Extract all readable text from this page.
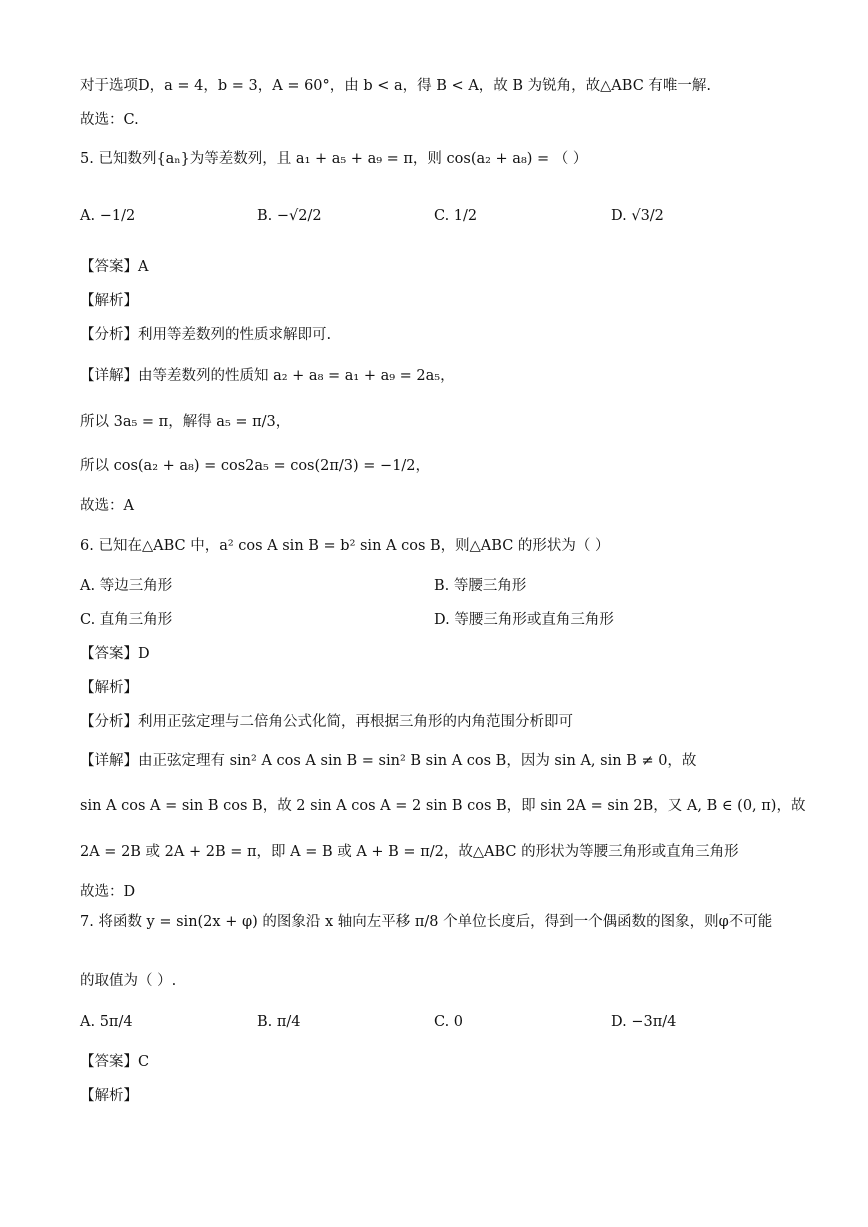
对于选项D，a = 4，b = 3，A = 60°，由 b < a，得 B < A，故 B 为锐角，故△ABC 有唯一解.
故选：C.
5. 已知数列{aₙ}为等差数列，且 a₁ + a₅ + a₉ = π，则 cos(a₂ + a₈) = （ ）
A. −1/2	B. −√2/2	C. 1/2	D. √3/2
【答案】A
【解析】
【分析】利用等差数列的性质求解即可.
【详解】由等差数列的性质知 a₂ + a₈ = a₁ + a₉ = 2a₅，
所以 3a₅ = π，解得 a₅ = π/3，
所以 cos(a₂ + a₈) = cos2a₅ = cos(2π/3) = −1/2，
故选：A
6. 已知在△ABC 中，a² cos A sin B = b² sin A cos B，则△ABC 的形状为（ ）
A. 等边三角形	B. 等腰三角形
C. 直角三角形	D. 等腰三角形或直角三角形
【答案】D
【解析】
【分析】利用正弦定理与二倍角公式化简，再根据三角形的内角范围分析即可
【详解】由正弦定理有 sin² A cos A sin B = sin² B sin A cos B，因为 sin A, sin B ≠ 0，故
sin A cos A = sin B cos B，故 2 sin A cos A = 2 sin B cos B，即 sin 2A = sin 2B，又 A, B ∈ (0, π)，故
2A = 2B 或 2A + 2B = π，即 A = B 或 A + B = π/2，故△ABC 的形状为等腰三角形或直角三角形
故选：D
7. 将函数 y = sin(2x + φ) 的图象沿 x 轴向左平移 π/8 个单位长度后，得到一个偶函数的图象，则φ不可能
的取值为（ ）.
A. 5π/4	B. π/4	C. 0	D. −3π/4
【答案】C
【解析】
